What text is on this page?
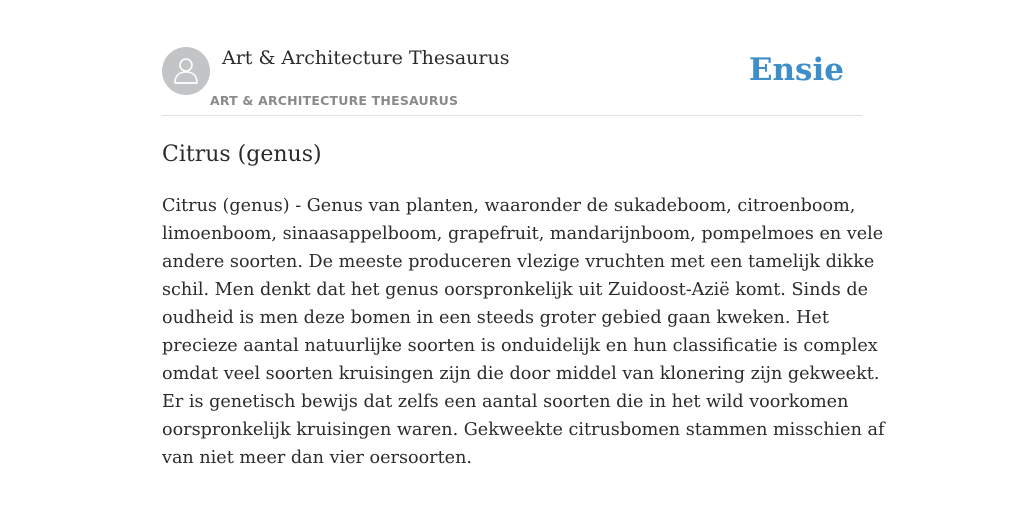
Art & Architecture Thesaurus
ART & ARCHITECTURE THESAURUS
Ensie
Citrus (genus)

Citrus (genus) - Genus van planten, waaronder de sukadeboom, citroenboom,
limoenboom, sinaasappelboom, grapefruit, mandarijnboom, pompelmoes en vele
andere soorten. De meeste produceren vlezige vruchten met een tamelijk dikke
schil. Men denkt dat het genus oorspronkelijk uit Zuidoost-Azië komt. Sinds de
oudheid is men deze bomen in een steeds groter gebied gaan kweken. Het
precieze aantal natuurlijke soorten is onduidelijk en hun classificatie is complex
omdat veel soorten kruisingen zijn die door middel van klonering zijn gekweekt.
Er is genetisch bewijs dat zelfs een aantal soorten die in het wild voorkomen
oorspronkelijk kruisingen waren. Gekweekte citrusbomen stammen misschien af
van niet meer dan vier oersoorten.
